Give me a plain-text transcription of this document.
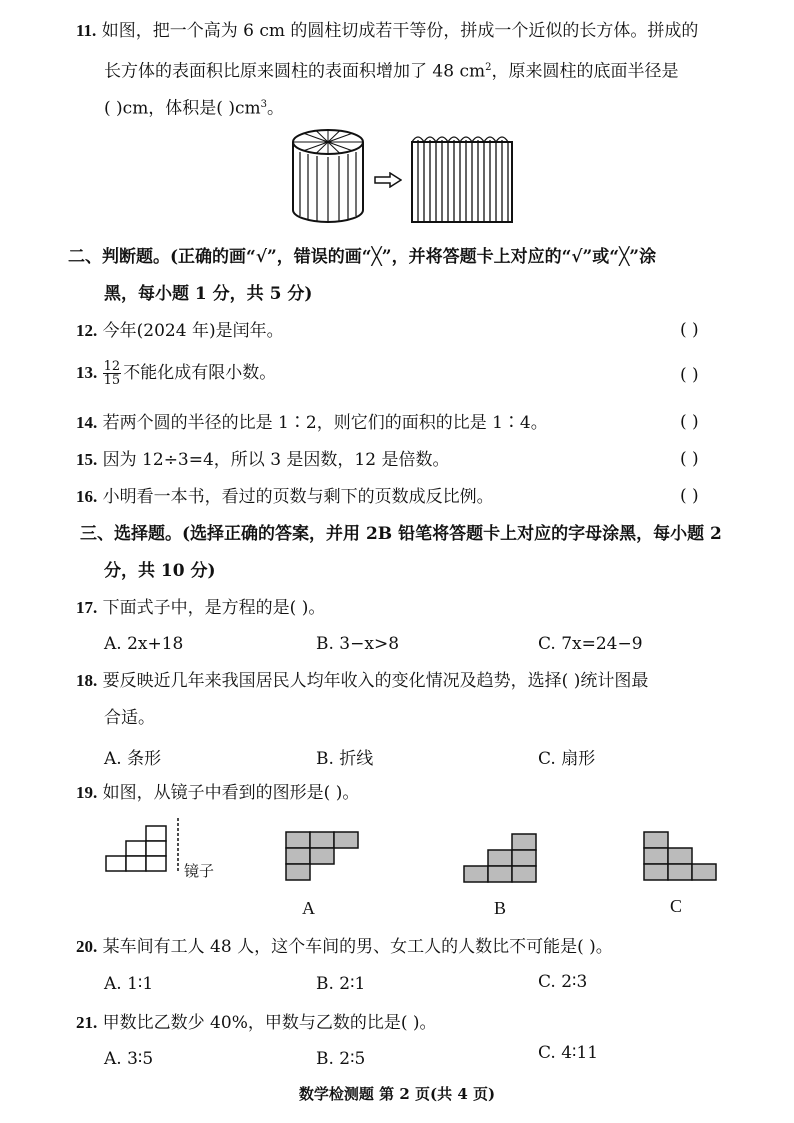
11. 如图，把一个高为 6 cm 的圆柱切成若干等份，拼成一个近似的长方体。拼成的
长方体的表面积比原来圆柱的表面积增加了 48 $cm^2$，原来圆柱的底面半径是
( )cm，体积是( )$cm^3$。
二、判断题。(正确的画“√”，错误的画“╳”，并将答题卡上对应的“√”或“╳”涂
黑，每小题 1 分，共 5 分)
12. 今年(2024 年)是闰年。	( )
13. $\frac{12}{15}$ 不能化成有限小数。	( )
14. 若两个圆的半径的比是 1∶2，则它们的面积的比是 1∶4。	( )
15. 因为 12÷3=4，所以 3 是因数，12 是倍数。	( )
16. 小明看一本书，看过的页数与剩下的页数成反比例。	( )
三、选择题。(选择正确的答案，并用 2B 铅笔将答题卡上对应的字母涂黑，每小题 2
分，共 10 分)
17. 下面式子中，是方程的是( )。
A. 2x+18	B. 3−x>8	C. 7x=24−9
18. 要反映近几年来我国居民人均年收入的变化情况及趋势，选择( )统计图最
合适。
A. 条形	B. 折线	C. 扇形
19. 如图，从镜子中看到的图形是( )。
镜子
A	B	C
20. 某车间有工人 48 人，这个车间的男、女工人的人数比不可能是( )。
A. 1∶1	B. 2∶1	C. 2∶3
21. 甲数比乙数少 40%，甲数与乙数的比是( )。
A. 3∶5	B. 2∶5	C. 4∶11
数学检测题 第 2 页(共 4 页)
